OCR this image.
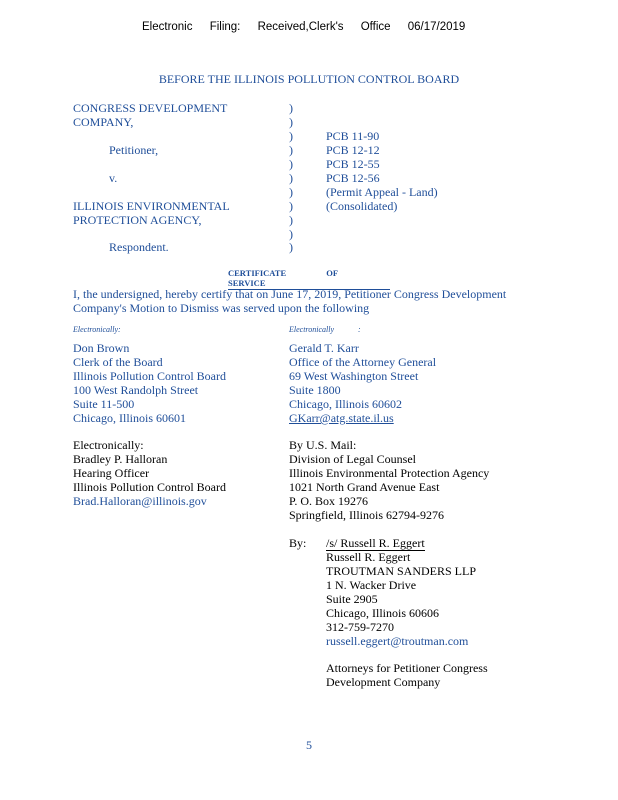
Electronic Filing: Received,Clerk's Office 06/17/2019
BEFORE THE ILLINOIS POLLUTION CONTROL BOARD
CONGRESS DEVELOPMENT
COMPANY,
Petitioner,
v.
ILLINOIS ENVIRONMENTAL
PROTECTION AGENCY,
Respondent.
)
)
)
)
)
)
)
)
)
)
)
PCB 11-90
PCB 12-12
PCB 12-55
PCB 12-56
(Permit Appeal - Land)
(Consolidated)
CERTIFICATE	OF SERVICE
I, the undersigned, hereby certify that on June 17, 2019, Petitioner Congress Development
Company's Motion to Dismiss was served upon the following
Electronically:
Don Brown
Clerk of the Board
Illinois Pollution Control Board
100 West Randolph Street
Suite 11-500
Chicago, Illinois 60601
Electronically	:
Gerald T. Karr
Office of the Attorney General
69 West Washington Street
Suite 1800
Chicago, Illinois 60602
GKarr@atg.state.il.us
Electronically:
Bradley P. Halloran
Hearing Officer
Illinois Pollution Control Board
Brad.Halloran@illinois.gov
By U.S. Mail:
Division of Legal Counsel
Illinois Environmental Protection Agency
1021 North Grand Avenue East
P. O. Box 19276
Springfield, Illinois 62794-9276
By: /s/ Russell R. Eggert
Russell R. Eggert
TROUTMAN SANDERS LLP
1 N. Wacker Drive
Suite 2905
Chicago, Illinois 60606
312-759-7270
russell.eggert@troutman.com
Attorneys for Petitioner Congress
Development Company
5
